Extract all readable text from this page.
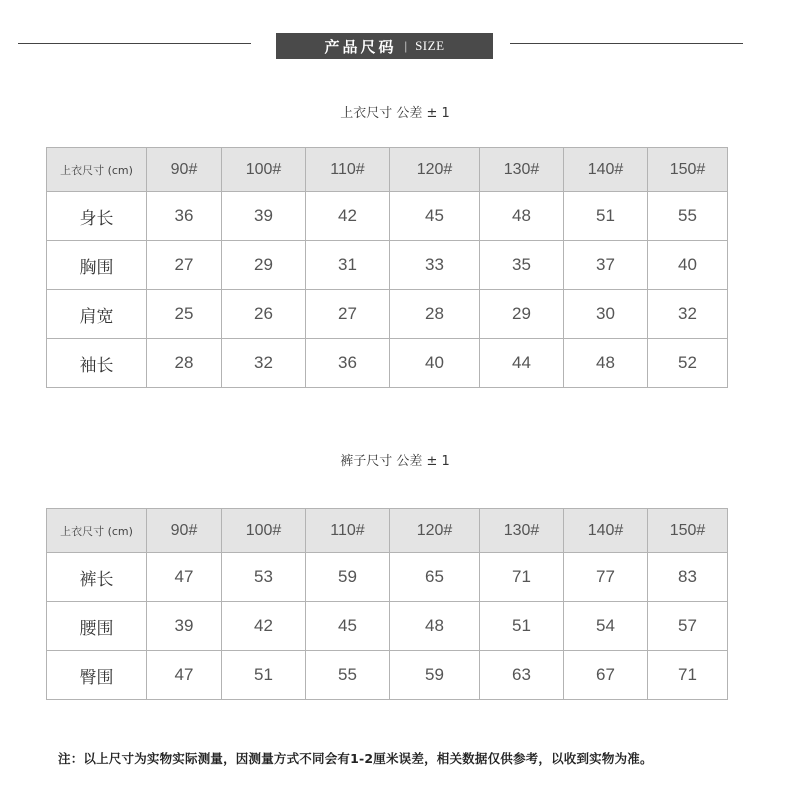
产品尺码 | SIZE
上衣尺寸 公差 ± 1
上衣尺寸 (cm)	90#	100#	110#	120#	130#	140#	150#
身长	36	39	42	45	48	51	55
胸围	27	29	31	33	35	37	40
肩宽	25	26	27	28	29	30	32
袖长	28	32	36	40	44	48	52
裤子尺寸 公差 ± 1
上衣尺寸 (cm)	90#	100#	110#	120#	130#	140#	150#
裤长	47	53	59	65	71	77	83
腰围	39	42	45	48	51	54	57
臀围	47	51	55	59	63	67	71
注：以上尺寸为实物实际测量，因测量方式不同会有1-2厘米误差，相关数据仅供参考，以收到实物为准。
